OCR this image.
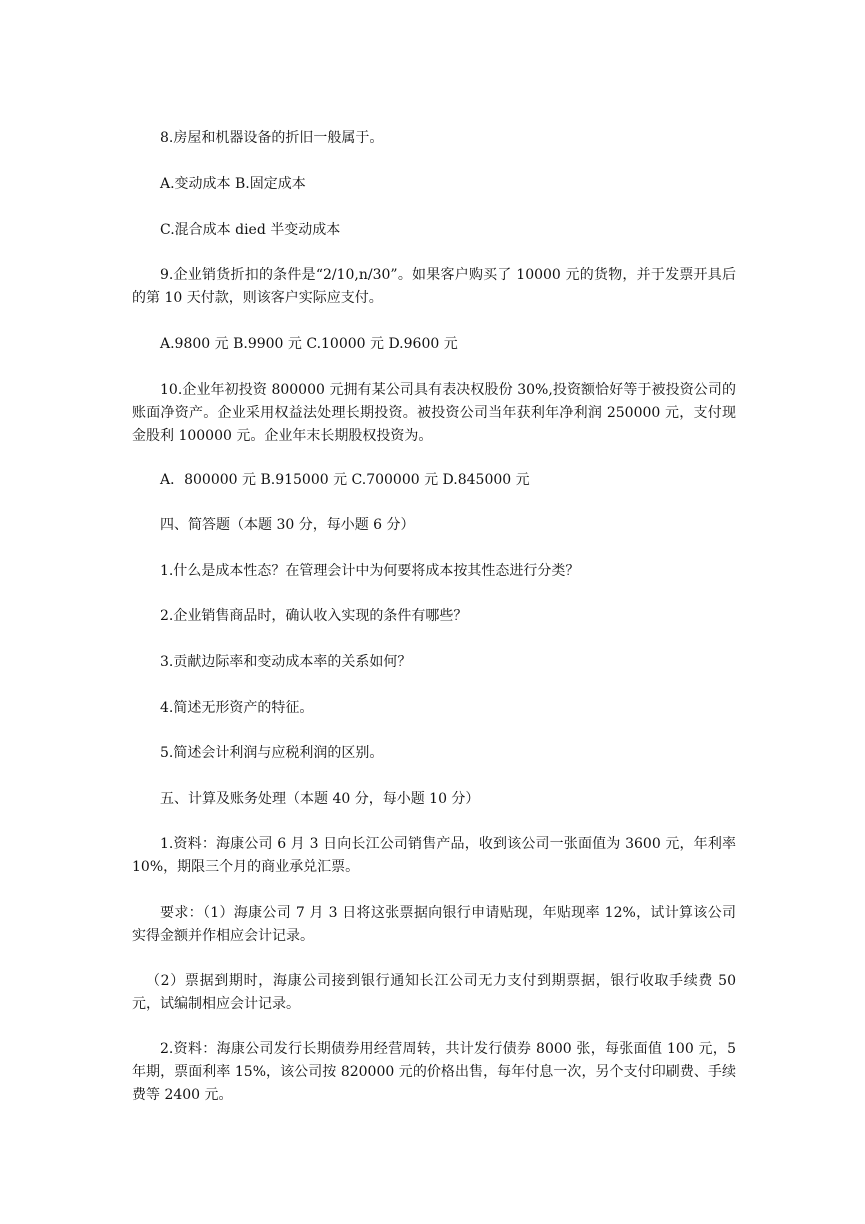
8.房屋和机器设备的折旧一般属于。

A.变动成本 B.固定成本

C.混合成本 died 半变动成本

9.企业销货折扣的条件是“2/10,n/30”。如果客户购买了 10000 元的货物，并于发票开具后的第 10 天付款，则该客户实际应支付。

A.9800 元 B.9900 元 C.10000 元 D.9600 元

10.企业年初投资 800000 元拥有某公司具有表决权股份 30%,投资额恰好等于被投资公司的账面净资产。企业采用权益法处理长期投资。被投资公司当年获利年净利润 250000 元，支付现金股利 100000 元。企业年末长期股权投资为。

A．800000 元 B.915000 元 C.700000 元 D.845000 元

四、简答题（本题 30 分，每小题 6 分）

1.什么是成本性态？在管理会计中为何要将成本按其性态进行分类？

2.企业销售商品时，确认收入实现的条件有哪些？

3.贡献边际率和变动成本率的关系如何？

4.简述无形资产的特征。

5.简述会计利润与应税利润的区别。

五、计算及账务处理（本题 40 分，每小题 10 分）

1.资料：海康公司 6 月 3 日向长江公司销售产品，收到该公司一张面值为 3600 元，年利率 10%，期限三个月的商业承兑汇票。

要求：（1）海康公司 7 月 3 日将这张票据向银行申请贴现，年贴现率 12%，试计算该公司实得金额并作相应会计记录。

（2）票据到期时，海康公司接到银行通知长江公司无力支付到期票据，银行收取手续费 50 元，试编制相应会计记录。

2.资料：海康公司发行长期债券用经营周转，共计发行债券 8000 张，每张面值 100 元，5 年期，票面利率 15%，该公司按 820000 元的价格出售，每年付息一次，另个支付印刷费、手续费等 2400 元。
